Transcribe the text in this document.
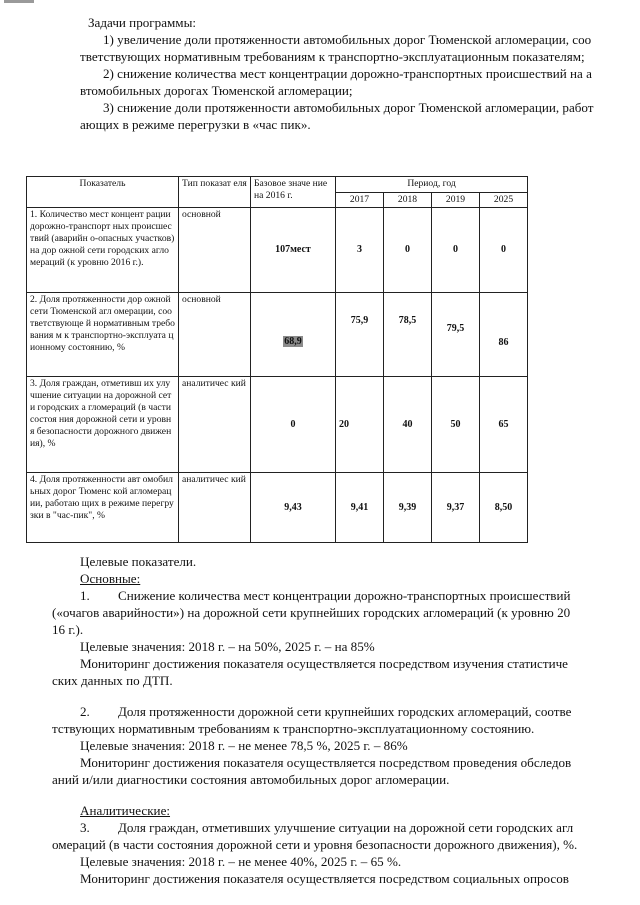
Задачи программы:
1) увеличение доли протяженности автомобильных дорог Тюменской агломерации, соо
тветствующих нормативным требованиям к транспортно-эксплуатационным показателям;
2) снижение количества мест концентрации дорожно-транспортных происшествий на а
втомобильных дорогах Тюменской агломерации;
3) снижение доли протяженности автомобильных дорог Тюменской агломерации, работ
ающих в режиме перегрузки в «час пик».
Показатель	Тип показат еля	Базовое значе ние на 2016 г.	Период, год			
			2017	2018	2019	2025
1. Количество мест концент рации дорожно-транспорт ных происшествий (аварийн о-опасных участков) на дор ожной сети городских агло мераций (к уровню 2016 г.).	основной	107мест	3	0	0	0
2. Доля протяженности дор ожной сети Тюменской агл омерации, соответствующе й нормативным требования м к транспортно-эксплуата ционному состоянию, %	основной	68,9	75,9	78,5	79,5	86
3. Доля граждан, отметивш их улучшение ситуации на дорожной сети городских а гломераций (в части состоя ния дорожной сети и уровн я безопасности дорожного движения), %	аналитичес кий	0	20	40	50	65
4. Доля протяженности авт омобильных дорог Тюменс кой агломерации, работаю щих в режиме перегрузки в "час-пик", %	аналитичес кий	9,43	9,41	9,39	9,37	8,50
Целевые показатели.
Основные:
1. Снижение количества мест концентрации дорожно-транспортных происшествий
(«очагов аварийности») на дорожной сети крупнейших городских агломераций (к уровню 20
16 г.).
Целевые значения: 2018 г. – на 50%, 2025 г. – на 85%
Мониторинг достижения показателя осуществляется посредством изучения статистиче
ских данных по ДТП.
2. Доля протяженности дорожной сети крупнейших городских агломераций, соотве
тствующих нормативным требованиям к транспортно-эксплуатационному состоянию.
Целевые значения: 2018 г. – не менее 78,5 %, 2025 г. – 86%
Мониторинг достижения показателя осуществляется посредством проведения обследов
аний и/или диагностики состояния автомобильных дорог агломерации.
Аналитические:
3. Доля граждан, отметивших улучшение ситуации на дорожной сети городских агл
омераций (в части состояния дорожной сети и уровня безопасности дорожного движения), %.
Целевые значения: 2018 г. – не менее 40%, 2025 г. – 65 %.
Мониторинг достижения показателя осуществляется посредством социальных опросов
